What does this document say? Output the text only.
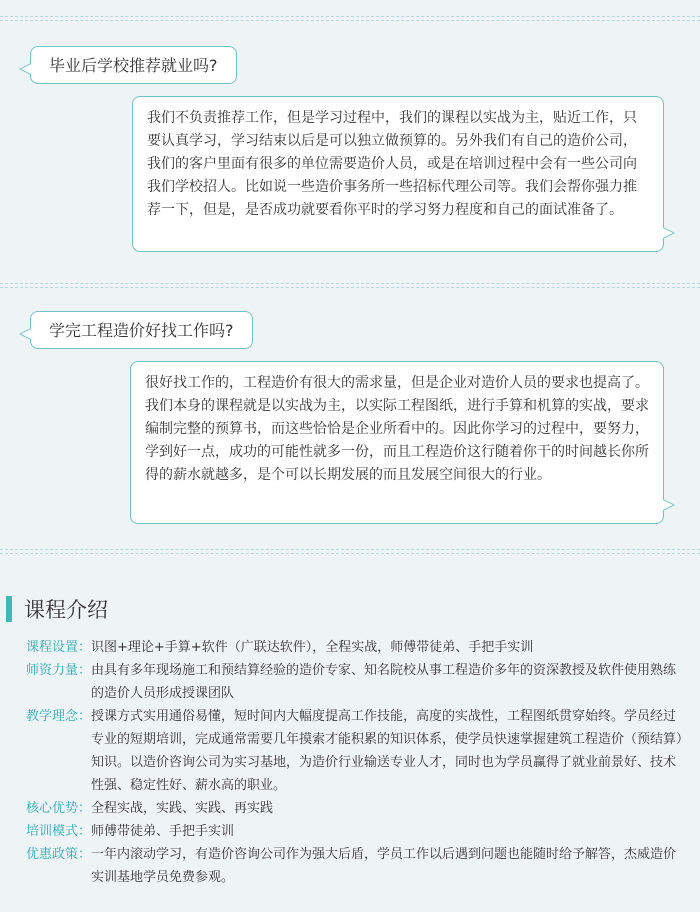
毕业后学校推荐就业吗?
我们不负责推荐工作，但是学习过程中，我们的课程以实战为主，贴近工作，只要认真学习，学习结束以后是可以独立做预算的。另外我们有自己的造价公司，我们的客户里面有很多的单位需要造价人员，或是在培训过程中会有一些公司向我们学校招人。比如说一些造价事务所一些招标代理公司等。我们会帮你强力推荐一下，但是，是否成功就要看你平时的学习努力程度和自己的面试准备了。
学完工程造价好找工作吗?
很好找工作的，工程造价有很大的需求量，但是企业对造价人员的要求也提高了。我们本身的课程就是以实战为主，以实际工程图纸，进行手算和机算的实战，要求编制完整的预算书，而这些恰恰是企业所看中的。因此你学习的过程中，要努力，学到好一点，成功的可能性就多一份，而且工程造价这行随着你干的时间越长你所得的薪水就越多，是个可以长期发展的而且发展空间很大的行业。
课程介绍
课程设置： 识图+理论+手算+软件（广联达软件），全程实战，师傅带徒弟、手把手实训
师资力量： 由具有多年现场施工和预结算经验的造价专家、知名院校从事工程造价多年的资深教授及软件使用熟练的造价人员形成授课团队
教学理念： 授课方式实用通俗易懂，短时间内大幅度提高工作技能，高度的实战性，工程图纸贯穿始终。学员经过专业的短期培训，完成通常需要几年摸索才能积累的知识体系，使学员快速掌握建筑工程造价（预结算）知识。以造价咨询公司为实习基地，为造价行业输送专业人才，同时也为学员赢得了就业前景好、技术性强、稳定性好、薪水高的职业。
核心优势： 全程实战，实践、实践、再实践
培训模式： 师傅带徒弟、手把手实训
优惠政策： 一年内滚动学习，有造价咨询公司作为强大后盾，学员工作以后遇到问题也能随时给予解答，杰威造价实训基地学员免费参观。
